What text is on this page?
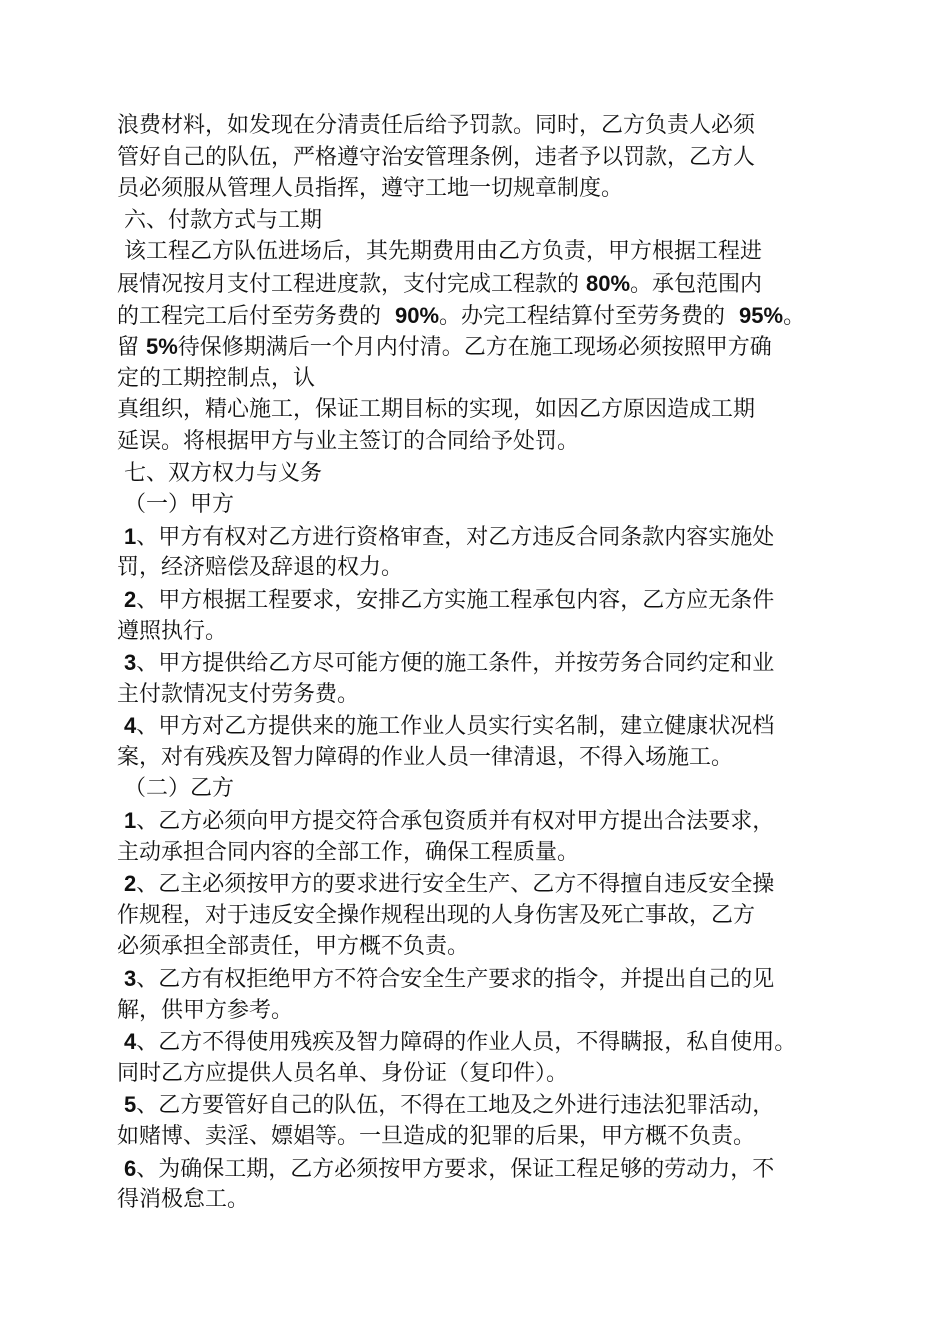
浪费材料，如发现在分清责任后给予罚款。同时，乙方负责人必须
管好自己的队伍，严格遵守治安管理条例，违者予以罚款，乙方人
员必须服从管理人员指挥，遵守工地一切规章制度。
六、付款方式与工期
该工程乙方队伍进场后，其先期费用由乙方负责，甲方根据工程进
展情况按月支付工程进度款，支付完成工程款的 80%。承包范围内
的工程完工后付至劳务费的  90%。办完工程结算付至劳务费的  95%。
留 5%待保修期满后一个月内付清。乙方在施工现场必须按照甲方确
定的工期控制点，认
真组织，精心施工，保证工期目标的实现，如因乙方原因造成工期
延误。将根据甲方与业主签订的合同给予处罚。
七、双方权力与义务
（一）甲方
1、甲方有权对乙方进行资格审查，对乙方违反合同条款内容实施处
罚，经济赔偿及辞退的权力。
2、甲方根据工程要求，安排乙方实施工程承包内容，乙方应无条件
遵照执行。
3、甲方提供给乙方尽可能方便的施工条件，并按劳务合同约定和业
主付款情况支付劳务费。
4、甲方对乙方提供来的施工作业人员实行实名制，建立健康状况档
案，对有残疾及智力障碍的作业人员一律清退，不得入场施工。
（二）乙方
1、乙方必须向甲方提交符合承包资质并有权对甲方提出合法要求，
主动承担合同内容的全部工作，确保工程质量。
2、乙主必须按甲方的要求进行安全生产、乙方不得擅自违反安全操
作规程，对于违反安全操作规程出现的人身伤害及死亡事故，乙方
必须承担全部责任，甲方概不负责。
3、乙方有权拒绝甲方不符合安全生产要求的指令，并提出自己的见
解，供甲方参考。
4、乙方不得使用残疾及智力障碍的作业人员，不得瞒报，私自使用。
同时乙方应提供人员名单、身份证（复印件）。
5、乙方要管好自己的队伍，不得在工地及之外进行违法犯罪活动，
如赌博、卖淫、嫖娼等。一旦造成的犯罪的后果，甲方概不负责。
6、为确保工期，乙方必须按甲方要求，保证工程足够的劳动力，不
得消极怠工。
